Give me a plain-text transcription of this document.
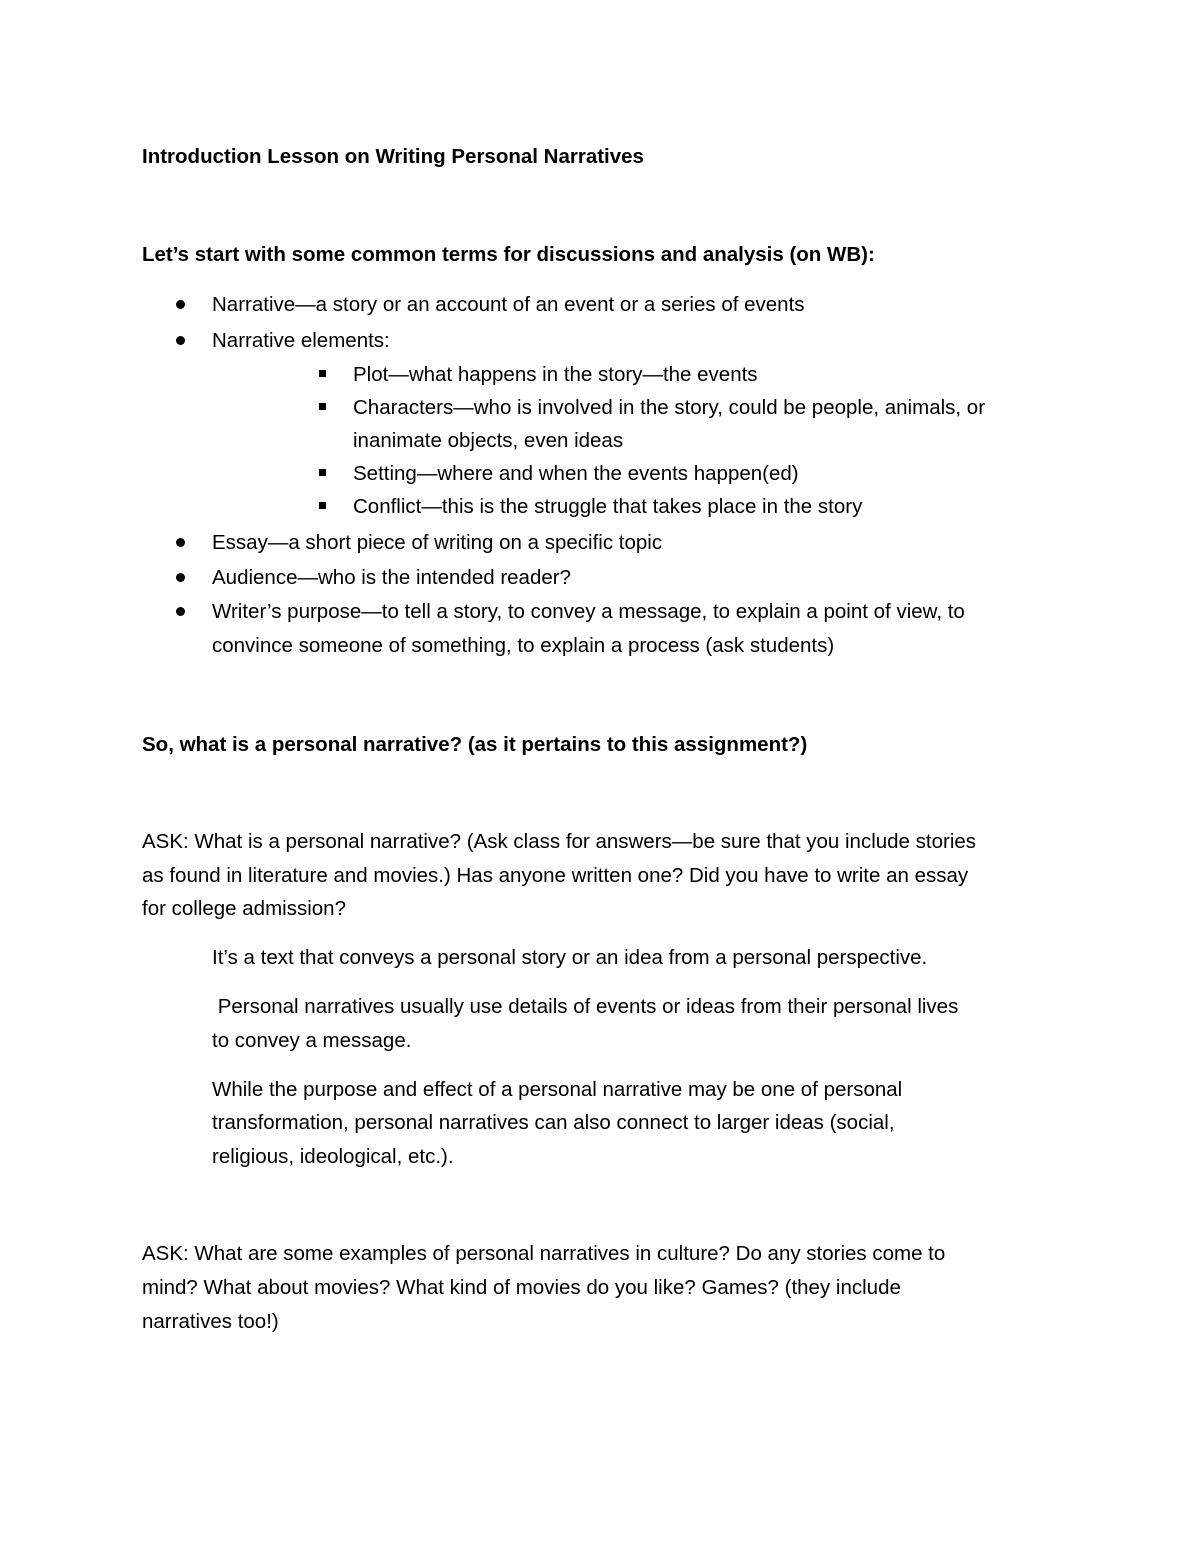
Introduction Lesson on Writing Personal Narratives

Let’s start with some common terms for discussions and analysis (on WB):

Narrative—a story or an account of an event or a series of events

Narrative elements:

Plot—what happens in the story—the events

Characters—who is involved in the story, could be people, animals, or

inanimate objects, even ideas

Setting—where and when the events happen(ed)

Conflict—this is the struggle that takes place in the story

Essay—a short piece of writing on a specific topic

Audience—who is the intended reader?

Writer’s purpose—to tell a story, to convey a message, to explain a point of view, to

convince someone of something, to explain a process (ask students)

So, what is a personal narrative? (as it pertains to this assignment?)

ASK: What is a personal narrative? (Ask class for answers—be sure that you include stories

as found in literature and movies.) Has anyone written one? Did you have to write an essay

for college admission?

It’s a text that conveys a personal story or an idea from a personal perspective.

Personal narratives usually use details of events or ideas from their personal lives

to convey a message.

While the purpose and effect of a personal narrative may be one of personal

transformation, personal narratives can also connect to larger ideas (social,

religious, ideological, etc.).

ASK: What are some examples of personal narratives in culture? Do any stories come to

mind? What about movies? What kind of movies do you like? Games? (they include

narratives too!)
